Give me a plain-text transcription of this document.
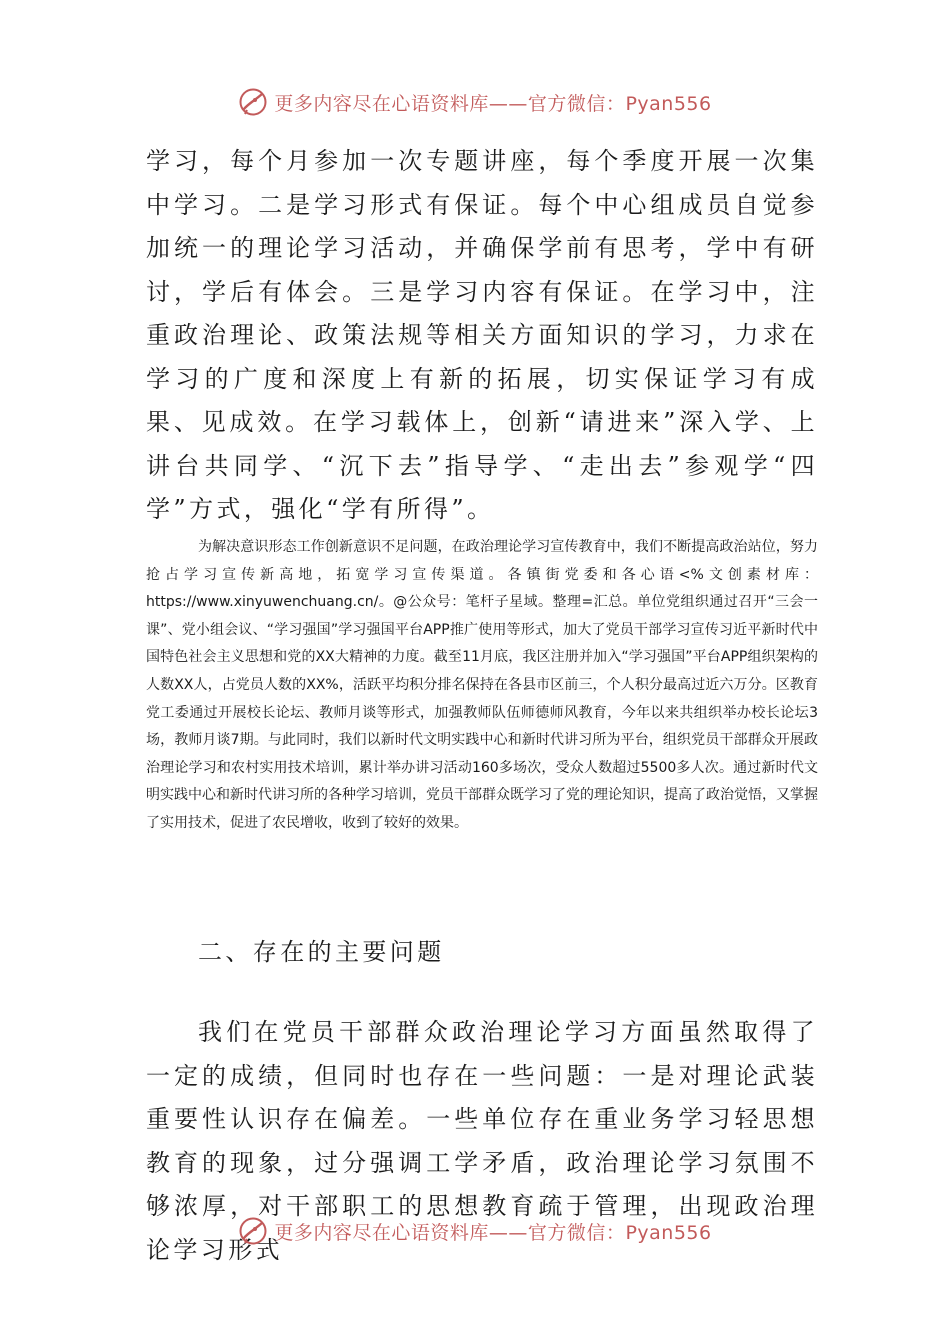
更多内容尽在心语资料库——官方微信：Pyan556

学习，每个月参加一次专题讲座，每个季度开展一次集中学习。二是学习形式有保证。每个中心组成员自觉参加统一的理论学习活动，并确保学前有思考，学中有研讨，学后有体会。三是学习内容有保证。在学习中，注重政治理论、政策法规等相关方面知识的学习，力求在学习的广度和深度上有新的拓展，切实保证学习有成果、见成效。在学习载体上，创新“请进来”深入学、上讲台共同学、“沉下去”指导学、“走出去”参观学“四学”方式，强化“学有所得”。

为解决意识形态工作创新意识不足问题，在政治理论学习宣传教育中，我们不断提高政治站位，努力抢占学习宣传新高地，拓宽学习宣传渠道。各镇街党委和各心语<%文创素材库：https://www.xinyuwenchuang.cn/。@公众号：笔杆子星域。整理=汇总。单位党组织通过召开“三会一课”、党小组会议、“学习强国”学习强国平台APP推广使用等形式，加大了党员干部学习宣传习近平新时代中国特色社会主义思想和党的XX大精神的力度。截至11月底，我区注册并加入“学习强国”平台APP组织架构的人数XX人，占党员人数的XX%，活跃平均积分排名保持在各县市区前三，个人积分最高过近六万分。区教育党工委通过开展校长论坛、教师月谈等形式，加强教师队伍师德师风教育，今年以来共组织举办校长论坛3场，教师月谈7期。与此同时，我们以新时代文明实践中心和新时代讲习所为平台，组织党员干部群众开展政治理论学习和农村实用技术培训，累计举办讲习活动160多场次，受众人数超过5500多人次。通过新时代文明实践中心和新时代讲习所的各种学习培训，党员干部群众既学习了党的理论知识，提高了政治觉悟，又掌握了实用技术，促进了农民增收，收到了较好的效果。

二、存在的主要问题

我们在党员干部群众政治理论学习方面虽然取得了一定的成绩，但同时也存在一些问题：一是对理论武装重要性认识存在偏差。一些单位存在重业务学习轻思想教育的现象，过分强调工学矛盾，政治理论学习氛围不够浓厚，对干部职工的思想教育疏于管理，出现政治理论学习形式

更多内容尽在心语资料库——官方微信：Pyan556
